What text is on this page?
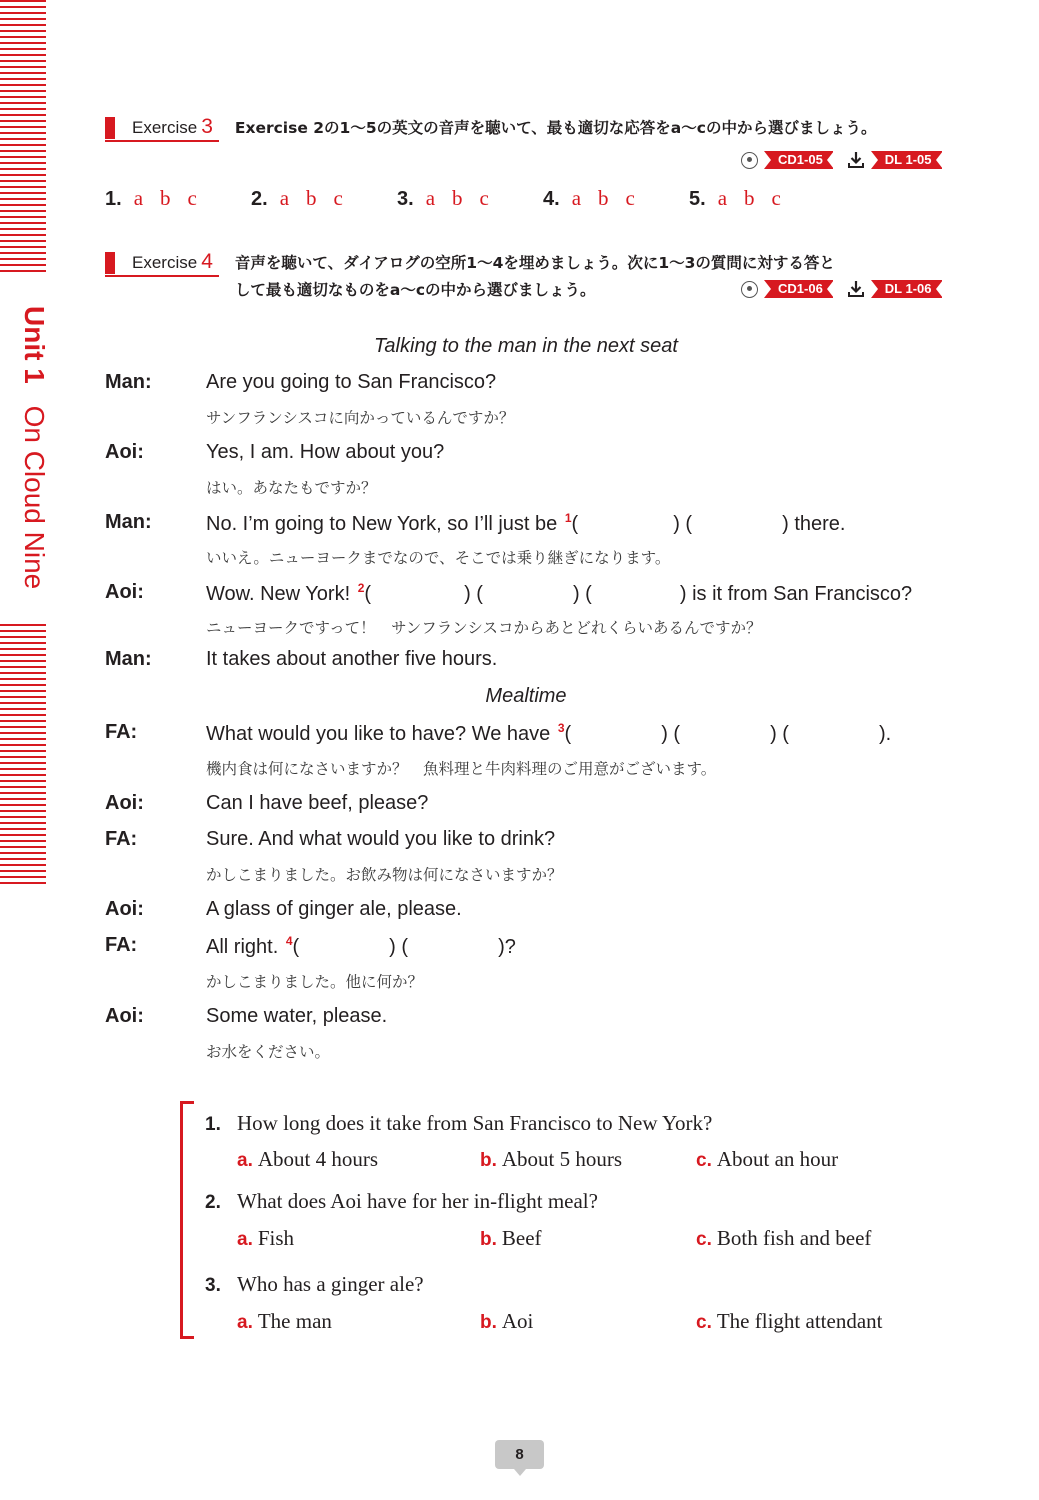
Unit 1 On Cloud Nine
Exercise 3 Exercise 2の1～5の英文の音声を聴いて、最も適切な応答をa～cの中から選びましょう。
CD1-05	DL 1-05
1. a b c	2. a b c	3. a b c	4. a b c	5. a b c
Exercise 4 音声を聴いて、ダイアログの空所1～4を埋めましょう。次に1～3の質問に対する答と
して最も適切なものをa～cの中から選びましょう。	CD1-06	DL 1-06
Talking to the man in the next seat
Man:	Are you going to San Francisco?
サンフランシスコに向かっているんですか？
Aoi:	Yes, I am. How about you?
はい。あなたもですか？
Man:	No. I’m going to New York, so I’ll just be $^1$(	) (	) there.
いいえ。ニューヨークまでなので、そこでは乗り継ぎになります。
Aoi:	Wow. New York! $^2$(	) (	) (	) is it from San Francisco?
ニューヨークですって！　サンフランシスコからあとどれくらいあるんですか？
Man:	It takes about another five hours.
Mealtime
FA:	What would you like to have? We have $^3$(	) (	) (	).
機内食は何になさいますか？　魚料理と牛肉料理のご用意がございます。
Aoi:	Can I have beef, please?
FA:	Sure. And what would you like to drink?
かしこまりました。お飲み物は何になさいますか？
Aoi:	A glass of ginger ale, please.
FA:	All right. $^4$(	) (	)?
かしこまりました。他に何か？
Aoi:	Some water, please.
お水をください。
1. How long does it take from San Francisco to New York?
a. About 4 hours	b. About 5 hours	c. About an hour
2. What does Aoi have for her in-flight meal?
a. Fish	b. Beef	c. Both fish and beef
3. Who has a ginger ale?
a. The man	b. Aoi	c. The flight attendant
8
